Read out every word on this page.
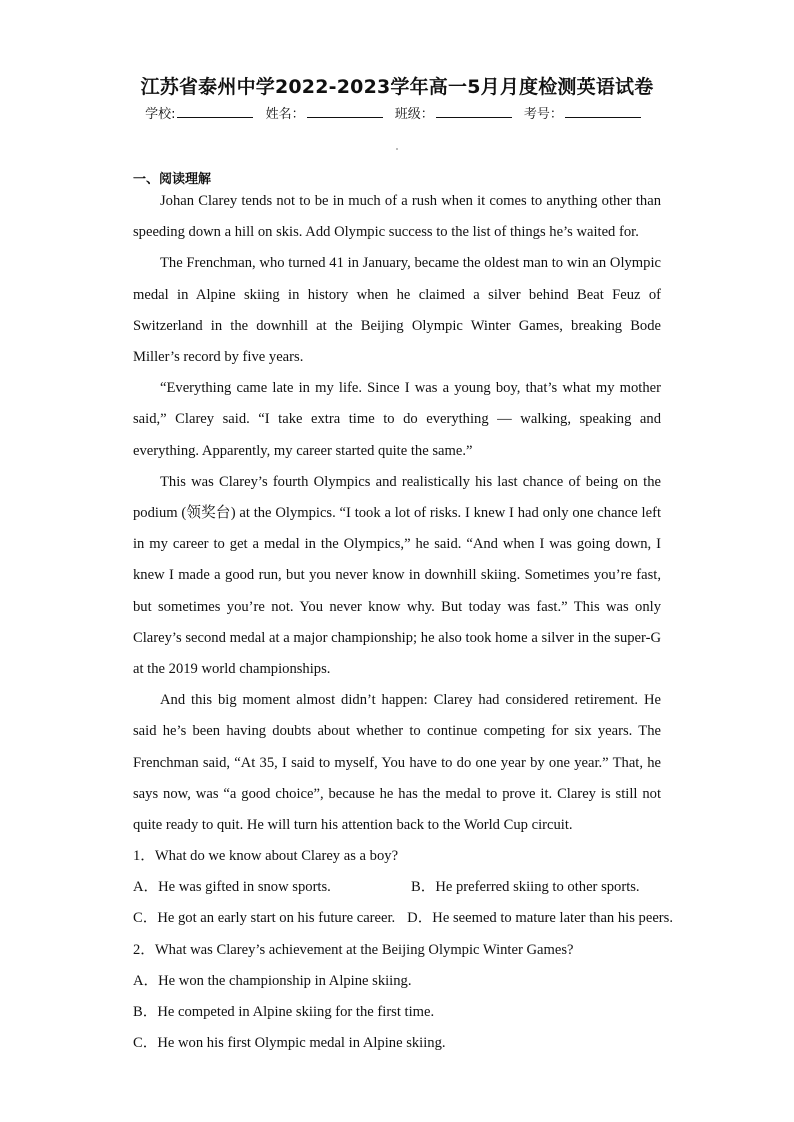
江苏省泰州中学2022-2023学年高一5月月度检测英语试卷
学校:	姓名：	班级：	考号：
一、阅读理解

Johan Clarey tends not to be in much of a rush when it comes to anything other than speeding down a hill on skis. Add Olympic success to the list of things he’s waited for.

The Frenchman, who turned 41 in January, became the oldest man to win an Olympic medal in Alpine skiing in history when he claimed a silver behind Beat Feuz of Switzerland in the downhill at the Beijing Olympic Winter Games, breaking Bode Miller’s record by five years.

“Everything came late in my life. Since I was a young boy, that’s what my mother said,” Clarey said. “I take extra time to do everything — walking, speaking and everything. Apparently, my career started quite the same.”

This was Clarey’s fourth Olympics and realistically his last chance of being on the podium (领奖台) at the Olympics. “I took a lot of risks. I knew I had only one chance left in my career to get a medal in the Olympics,” he said. “And when I was going down, I knew I made a good run, but you never know in downhill skiing. Sometimes you’re fast, but sometimes you’re not. You never know why. But today was fast.” This was only Clarey’s second medal at a major championship; he also took home a silver in the super-G at the 2019 world championships.

And this big moment almost didn’t happen: Clarey had considered retirement. He said he’s been having doubts about whether to continue competing for six years. The Frenchman said, “At 35, I said to myself, You have to do one year by one year.” That, he says now, was “a good choice”, because he has the medal to prove it. Clarey is still not quite ready to quit. He will turn his attention back to the World Cup circuit.

1．What do we know about Clarey as a boy?

A．He was gifted in snow sports.	B．He preferred skiing to other sports.

C．He got an early start on his future career. D．He seemed to mature later than his peers.

2．What was Clarey’s achievement at the Beijing Olympic Winter Games?

A．He won the championship in Alpine skiing.

B．He competed in Alpine skiing for the first time.

C．He won his first Olympic medal in Alpine skiing.
